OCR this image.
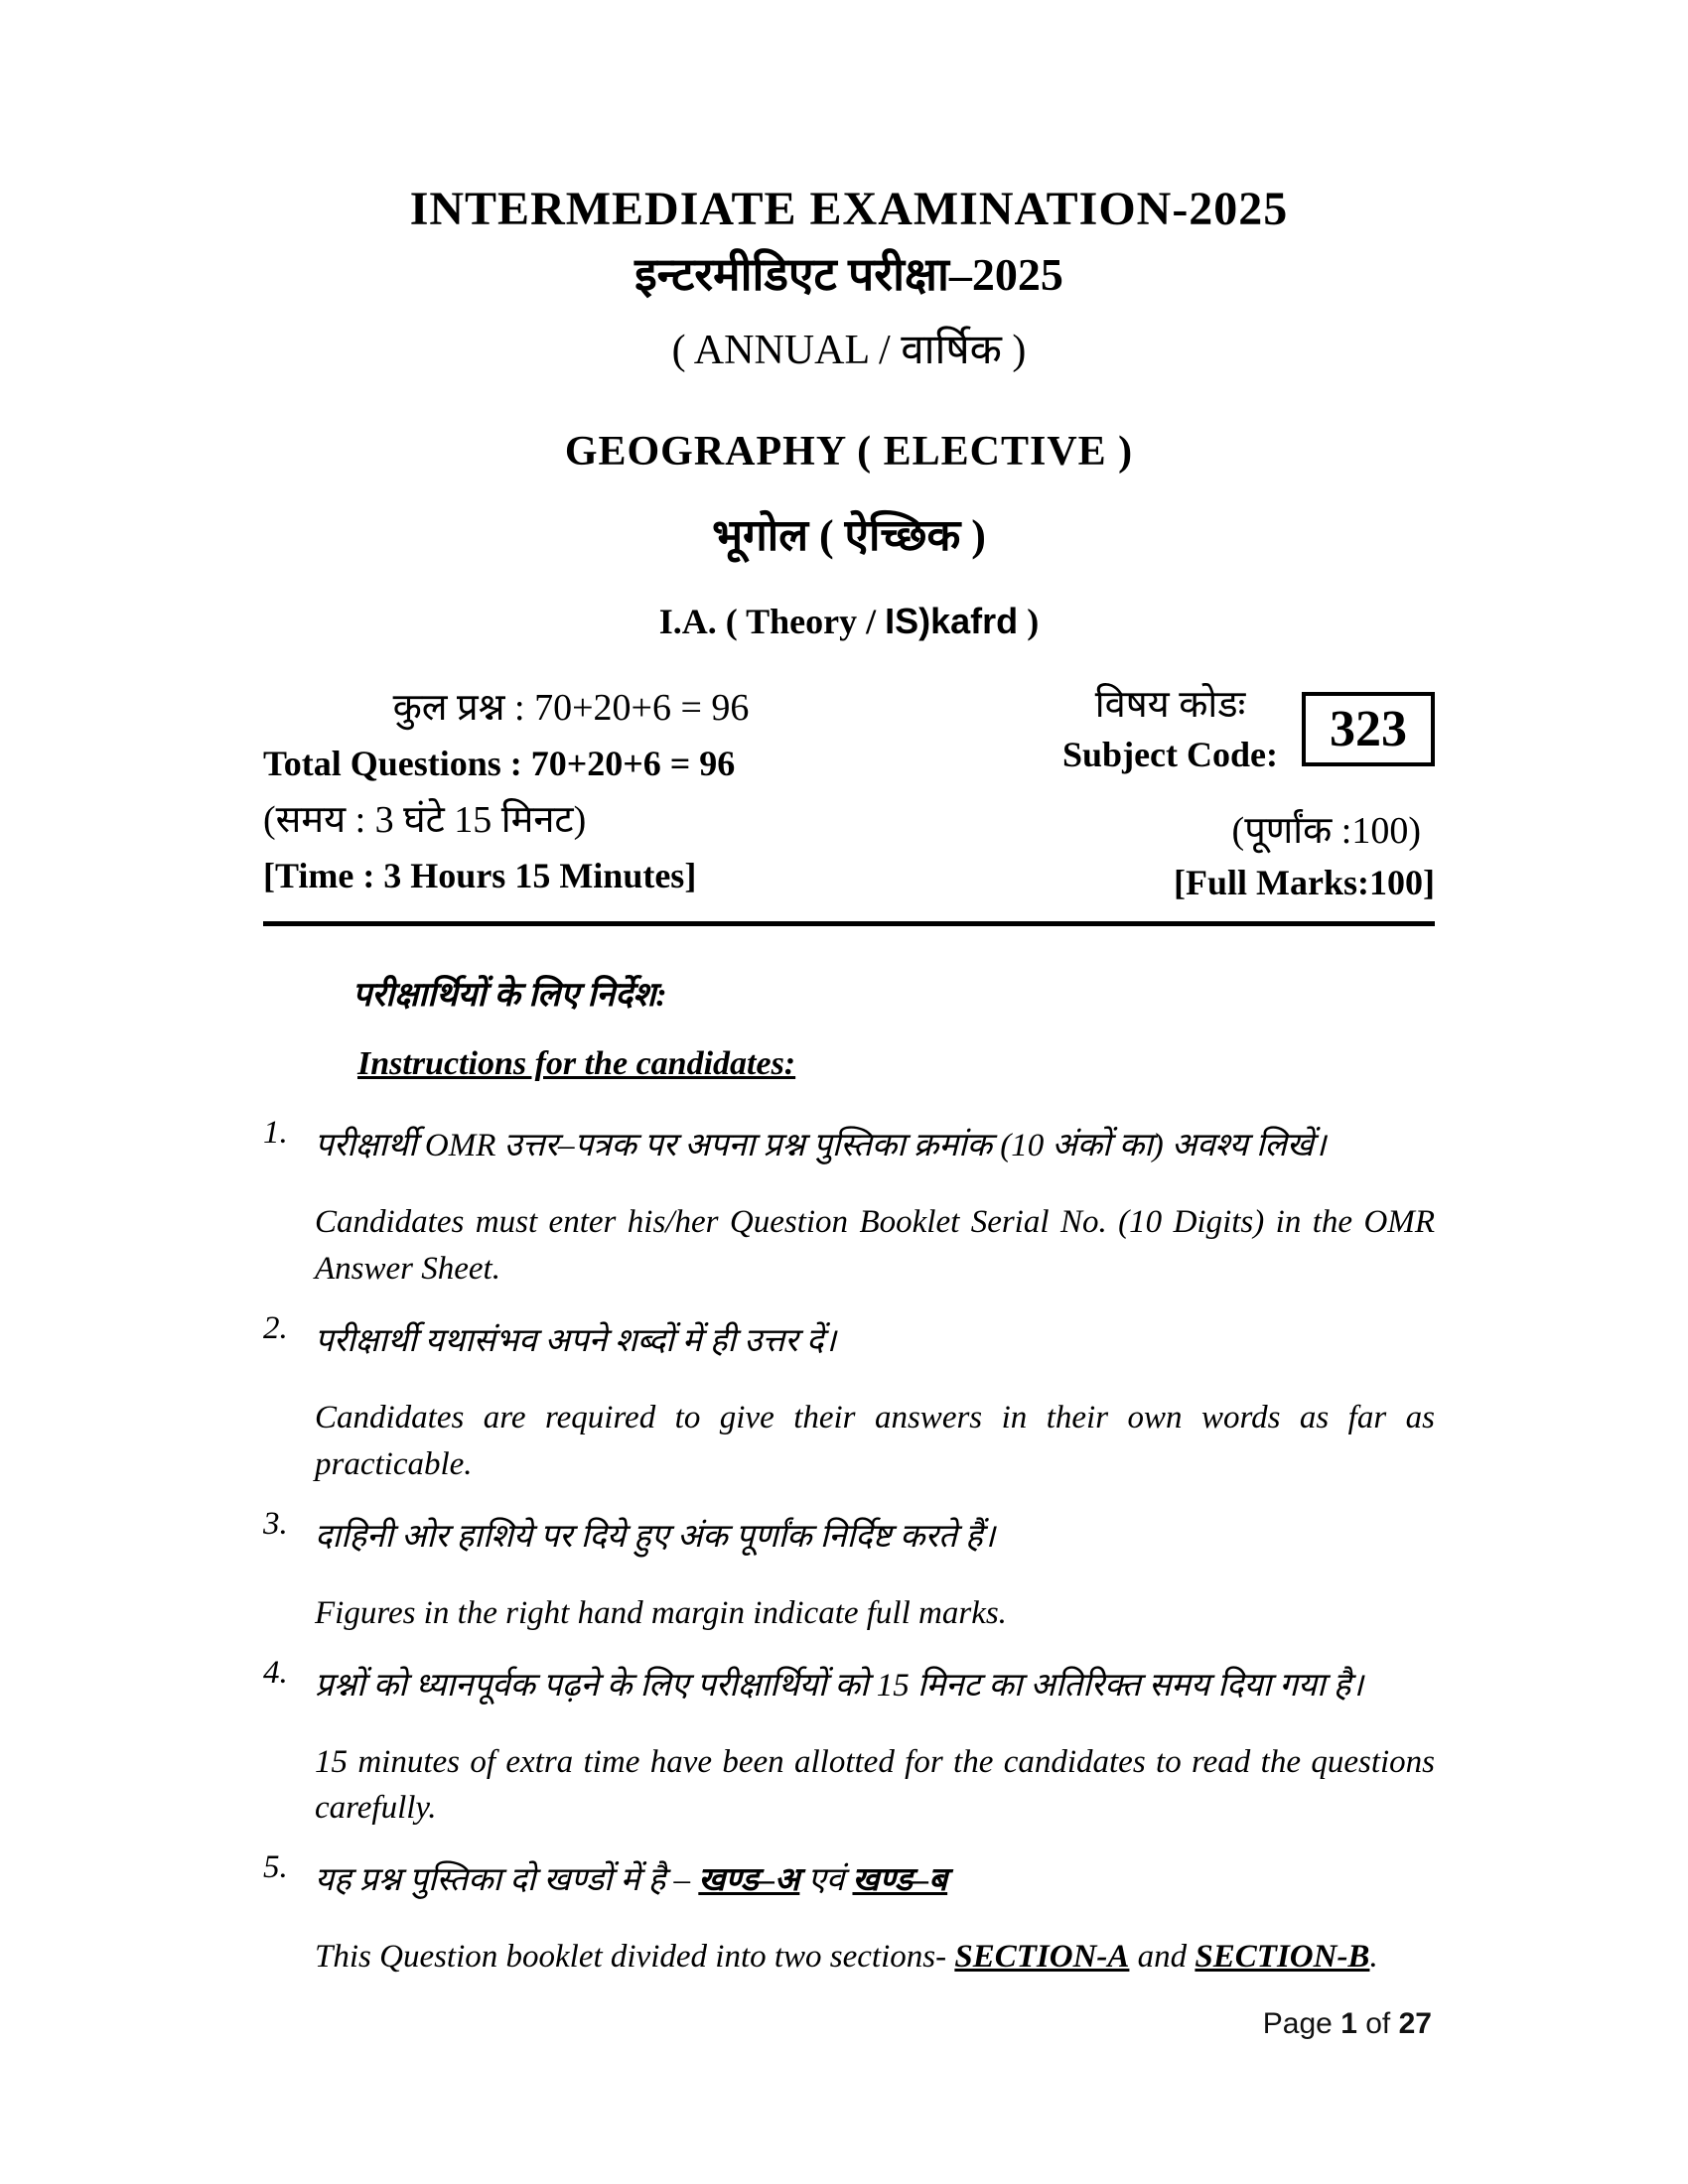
INTERMEDIATE EXAMINATION-2025
इन्टरमीडिएट परीक्षा–2025
( ANNUAL / वार्षिक )
GEOGRAPHY ( ELECTIVE )
भूगोल ( ऐच्छिक )
I.A. ( Theory / IS)kafrd )
कुल प्रश्न : 70+20+6 = 96
Total Questions : 70+20+6 = 96
(समय : 3 घंटे 15 मिनट)
[Time : 3 Hours 15 Minutes]
विषय कोडः
Subject Code:	323
(पूर्णांक :100)
[Full Marks:100]
परीक्षार्थियों के लिए निर्देश:
Instructions for the candidates:
1. परीक्षार्थी OMR उत्तर–पत्रक पर अपना प्रश्न पुस्तिका क्रमांक (10 अंकों का) अवश्य लिखें।

Candidates must enter his/her Question Booklet Serial No. (10 Digits) in the OMR Answer Sheet.

2. परीक्षार्थी यथासंभव अपने शब्दों में ही उत्तर दें।

Candidates are required to give their answers in their own words as far as practicable.

3. दाहिनी ओर हाशिये पर दिये हुए अंक पूर्णांक निर्दिष्ट करते हैं।

Figures in the right hand margin indicate full marks.

4. प्रश्नों को ध्यानपूर्वक पढ़ने के लिए परीक्षार्थियों को 15 मिनट का अतिरिक्त समय दिया गया है।

15 minutes of extra time have been allotted for the candidates to read the questions carefully.

5. यह प्रश्न पुस्तिका दो खण्डों में है – खण्ड–अ एवं खण्ड–ब

This Question booklet divided into two sections- SECTION-A and SECTION-B.

Page 1 of 27
